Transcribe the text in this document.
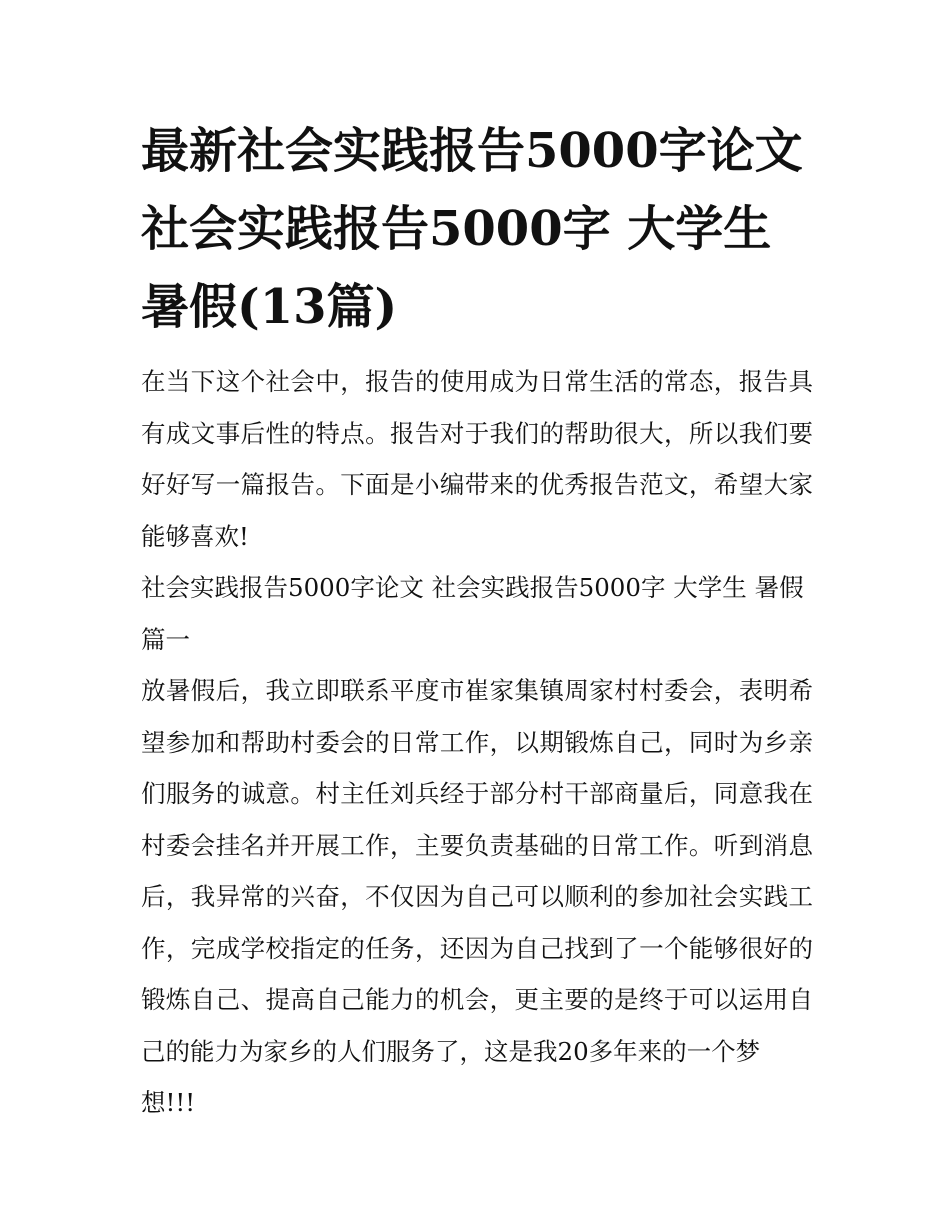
最新社会实践报告5000字论文 社会实践报告5000字 大学生 暑假(13篇)

在当下这个社会中，报告的使用成为日常生活的常态，报告具有成文事后性的特点。报告对于我们的帮助很大，所以我们要好好写一篇报告。下面是小编带来的优秀报告范文，希望大家能够喜欢!

社会实践报告5000字论文 社会实践报告5000字 大学生 暑假篇一

放暑假后，我立即联系平度市崔家集镇周家村村委会，表明希望参加和帮助村委会的日常工作，以期锻炼自己，同时为乡亲们服务的诚意。村主任刘兵经于部分村干部商量后，同意我在村委会挂名并开展工作，主要负责基础的日常工作。听到消息后，我异常的兴奋，不仅因为自己可以顺利的参加社会实践工作，完成学校指定的任务，还因为自己找到了一个能够很好的锻炼自己、提高自己能力的机会，更主要的是终于可以运用自己的能力为家乡的人们服务了，这是我20多年来的一个梦
想!!!
